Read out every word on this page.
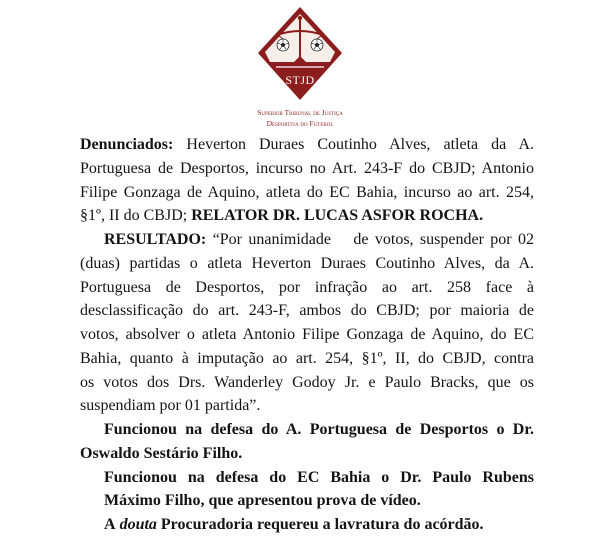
STJD
Superior Tribunal de Justiça
Desportiva do Futebol
Denunciados: Heverton Duraes Coutinho Alves, atleta da A.
Portuguesa de Desportos, incurso no Art. 243-F do CBJD; Antonio
Filipe Gonzaga de Aquino, atleta do EC Bahia, incurso ao art. 254,
§1º, II do CBJD; RELATOR DR. LUCAS ASFOR ROCHA.
RESULTADO: “Por unanimidade de votos, suspender por 02
(duas) partidas o atleta Heverton Duraes Coutinho Alves, da A.
Portuguesa de Desportos, por infração ao art. 258 face à
desclassificação do art. 243-F, ambos do CBJD; por maioria de
votos, absolver o atleta Antonio Filipe Gonzaga de Aquino, do EC
Bahia, quanto à imputação ao art. 254, §1º, II, do CBJD, contra
os votos dos Drs. Wanderley Godoy Jr. e Paulo Bracks, que os
suspendiam por 01 partida”.
Funcionou na defesa do A. Portuguesa de Desportos o Dr.
Oswaldo Sestário Filho.
Funcionou na defesa do EC Bahia o Dr. Paulo Rubens
Máximo Filho, que apresentou prova de vídeo.
A douta Procuradoria requereu a lavratura do acórdão.
